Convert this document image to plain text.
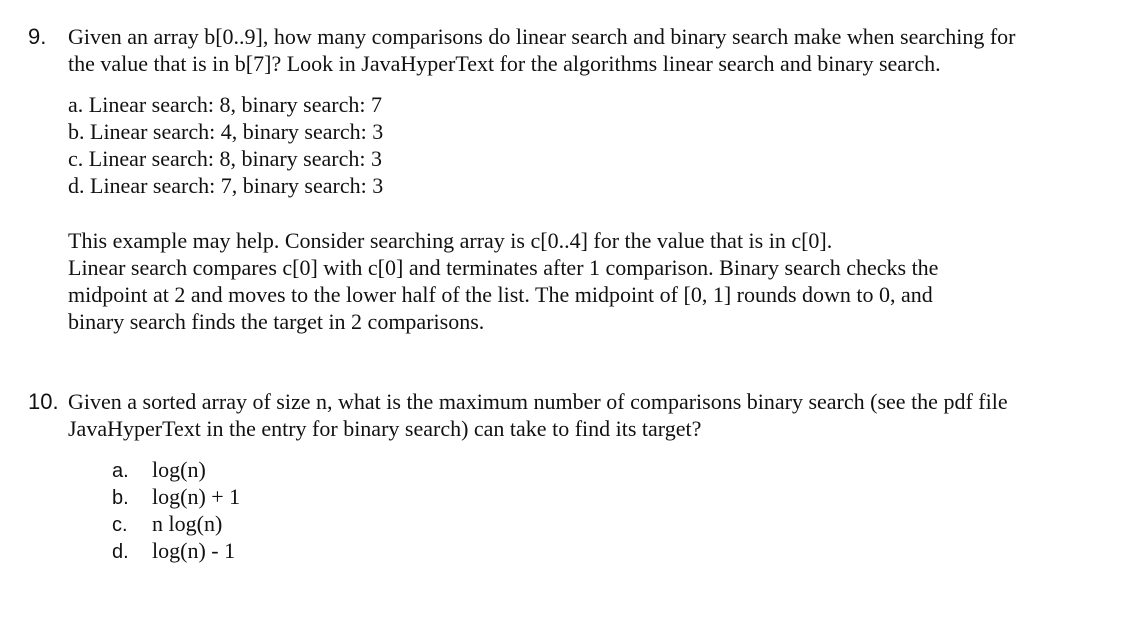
9. Given an array b[0..9], how many comparisons do linear search and binary search make when searching for

the value that is in b[7]? Look in JavaHyperText for the algorithms linear search and binary search.

a. Linear search: 8, binary search: 7
b. Linear search: 4, binary search: 3
c. Linear search: 8, binary search: 3
d. Linear search: 7, binary search: 3

This example may help. Consider searching array is c[0..4] for the value that is in c[0].

Linear search compares c[0] with c[0] and terminates after 1 comparison. Binary search checks the

midpoint at 2 and moves to the lower half of the list. The midpoint of [0, 1] rounds down to 0, and

binary search finds the target in 2 comparisons.

10. Given a sorted array of size n, what is the maximum number of comparisons binary search (see the pdf file

JavaHyperText in the entry for binary search) can take to find its target?

a. log(n)
b. log(n) + 1
c. n log(n)
d. log(n) - 1
